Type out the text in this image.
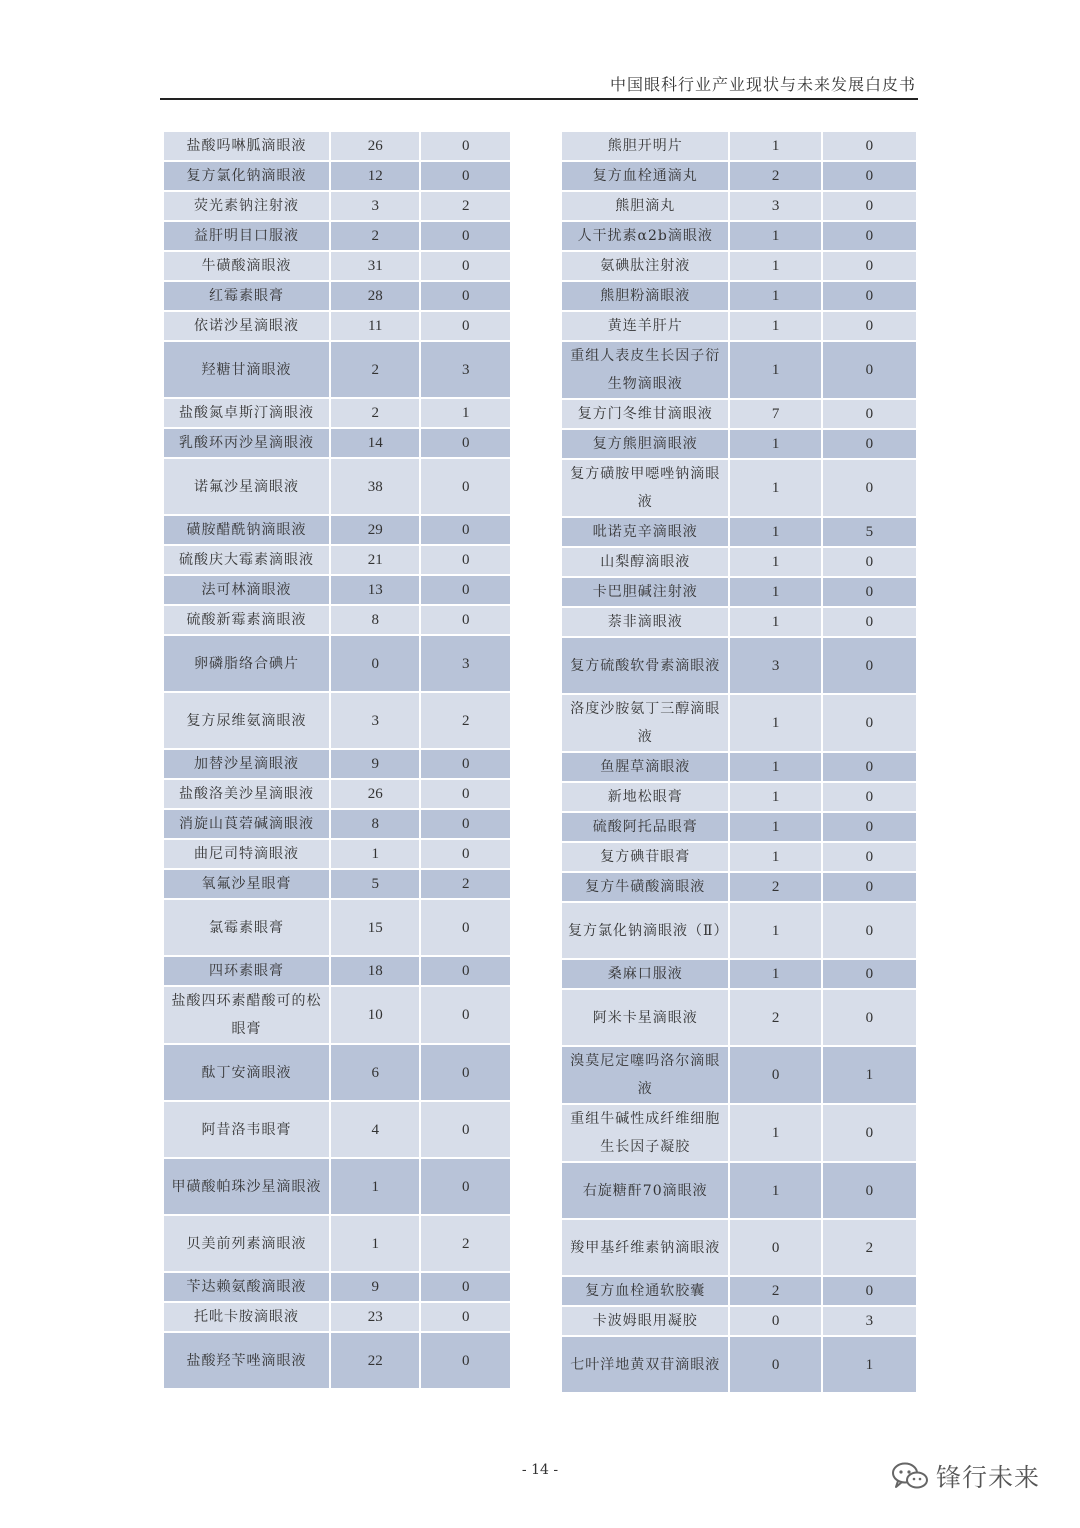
中国眼科行业产业现状与未来发展白皮书
盐酸吗啉胍滴眼液	26	0
复方氯化钠滴眼液	12	0
荧光素钠注射液	3	2
益肝明目口服液	2	0
牛磺酸滴眼液	31	0
红霉素眼膏	28	0
依诺沙星滴眼液	11	0
羟糖甘滴眼液	2	3
盐酸氮卓斯汀滴眼液	2	1
乳酸环丙沙星滴眼液	14	0
诺氟沙星滴眼液	38	0
磺胺醋酰钠滴眼液	29	0
硫酸庆大霉素滴眼液	21	0
法可林滴眼液	13	0
硫酸新霉素滴眼液	8	0
卵磷脂络合碘片	0	3
复方尿维氨滴眼液	3	2
加替沙星滴眼液	9	0
盐酸洛美沙星滴眼液	26	0
消旋山莨菪碱滴眼液	8	0
曲尼司特滴眼液	1	0
氧氟沙星眼膏	5	2
氯霉素眼膏	15	0
四环素眼膏	18	0
盐酸四环素醋酸可的松眼膏	10	0
酞丁安滴眼液	6	0
阿昔洛韦眼膏	4	0
甲磺酸帕珠沙星滴眼液	1	0
贝美前列素滴眼液	1	2
苄达赖氨酸滴眼液	9	0
托吡卡胺滴眼液	23	0
盐酸羟苄唑滴眼液	22	0
熊胆开明片	1	0
复方血栓通滴丸	2	0
熊胆滴丸	3	0
人干扰素α2b滴眼液	1	0
氨碘肽注射液	1	0
熊胆粉滴眼液	1	0
黄连羊肝片	1	0
重组人表皮生长因子衍生物滴眼液	1	0
复方门冬维甘滴眼液	7	0
复方熊胆滴眼液	1	0
复方磺胺甲噁唑钠滴眼液	1	0
吡诺克辛滴眼液	1	5
山梨醇滴眼液	1	0
卡巴胆碱注射液	1	0
萘非滴眼液	1	0
复方硫酸软骨素滴眼液	3	0
洛度沙胺氨丁三醇滴眼液	1	0
鱼腥草滴眼液	1	0
新地松眼膏	1	0
硫酸阿托品眼膏	1	0
复方碘苷眼膏	1	0
复方牛磺酸滴眼液	2	0
复方氯化钠滴眼液（Ⅱ）	1	0
桑麻口服液	1	0
阿米卡星滴眼液	2	0
溴莫尼定噻吗洛尔滴眼液	0	1
重组牛碱性成纤维细胞生长因子凝胶	1	0
右旋糖酐70滴眼液	1	0
羧甲基纤维素钠滴眼液	0	2
复方血栓通软胶囊	2	0
卡波姆眼用凝胶	0	3
七叶洋地黄双苷滴眼液	0	1
- 14 -	锋行未来
